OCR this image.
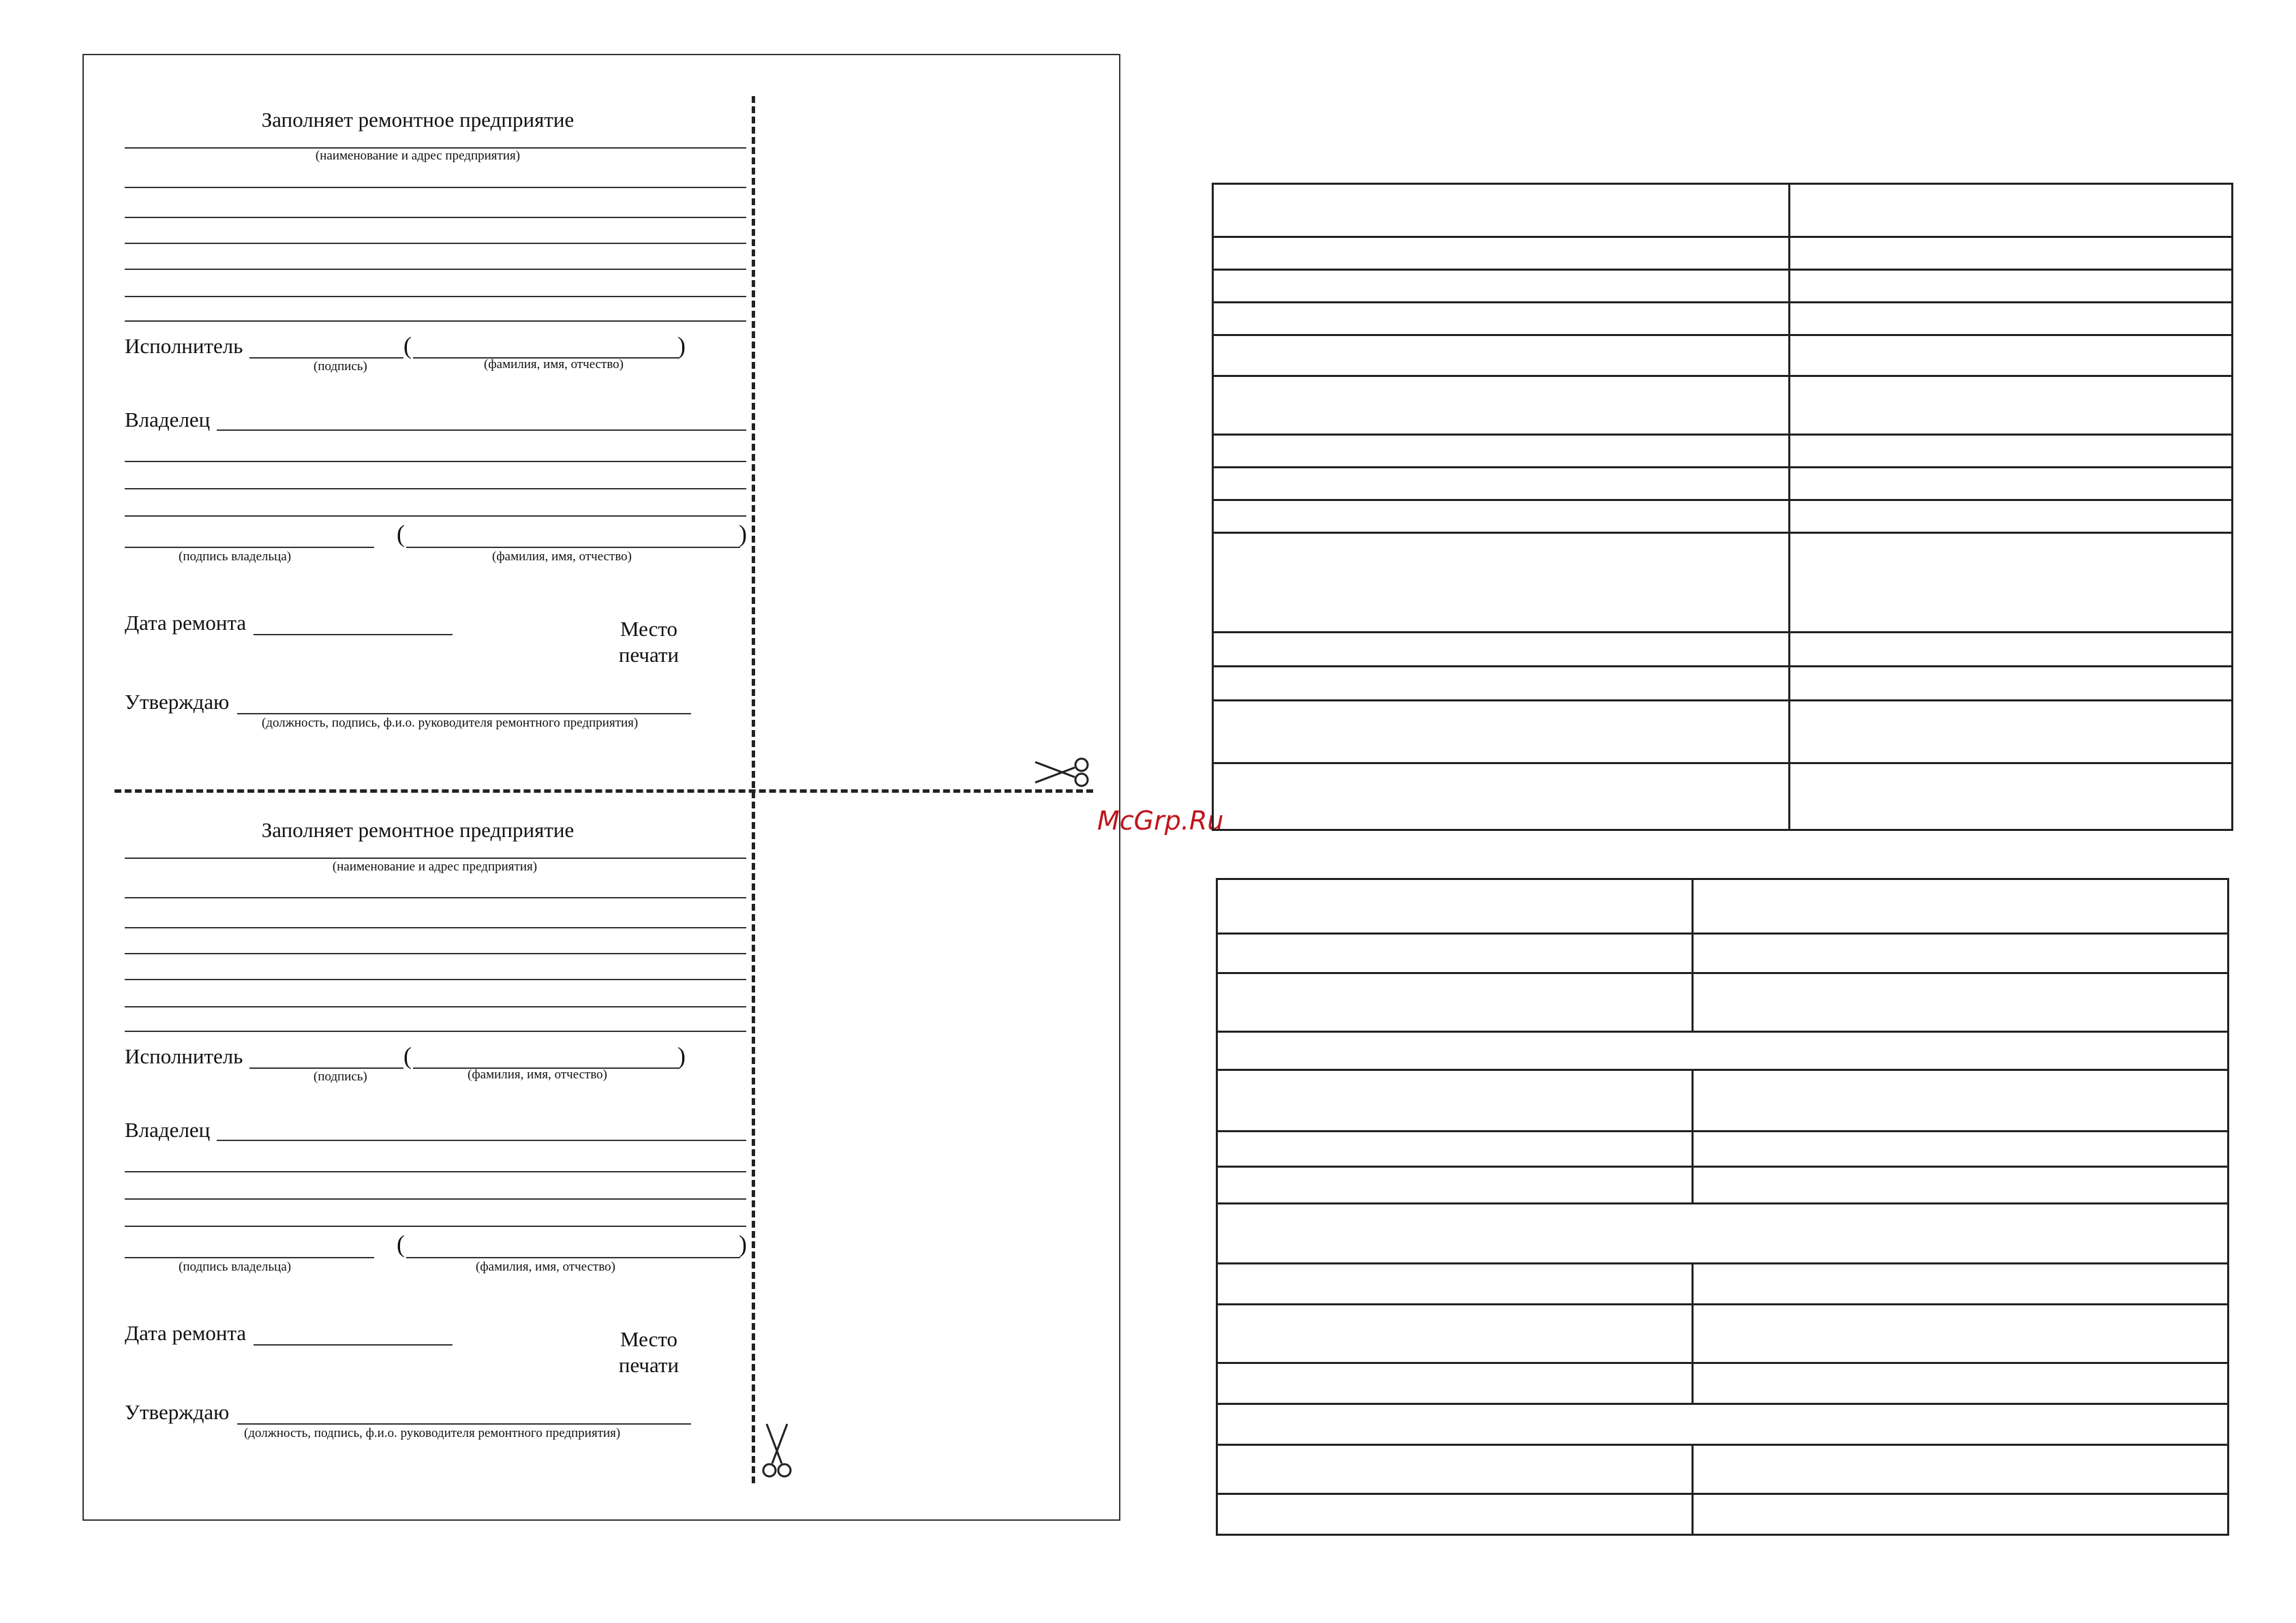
Заполняет ремонтное предприятие
(наименование и адрес предприятия)
Исполнитель	(	)
(подпись)	(фамилия, имя, отчество)
Владелец
(	)
(подпись владельца)	(фамилия, имя, отчество)
Дата ремонта	Место печати
Утверждаю
(должность, подпись, ф.и.о. руководителя ремонтного предприятия)
Заполняет ремонтное предприятие
(наименование и адрес предприятия)
Исполнитель	(	)
(подпись)	(фамилия, имя, отчество)
Владелец
(	)
(подпись владельца)	(фамилия, имя, отчество)
Дата ремонта	Место печати
Утверждаю
(должность, подпись, ф.и.о. руководителя ремонтного предприятия)
McGrp.Ru
